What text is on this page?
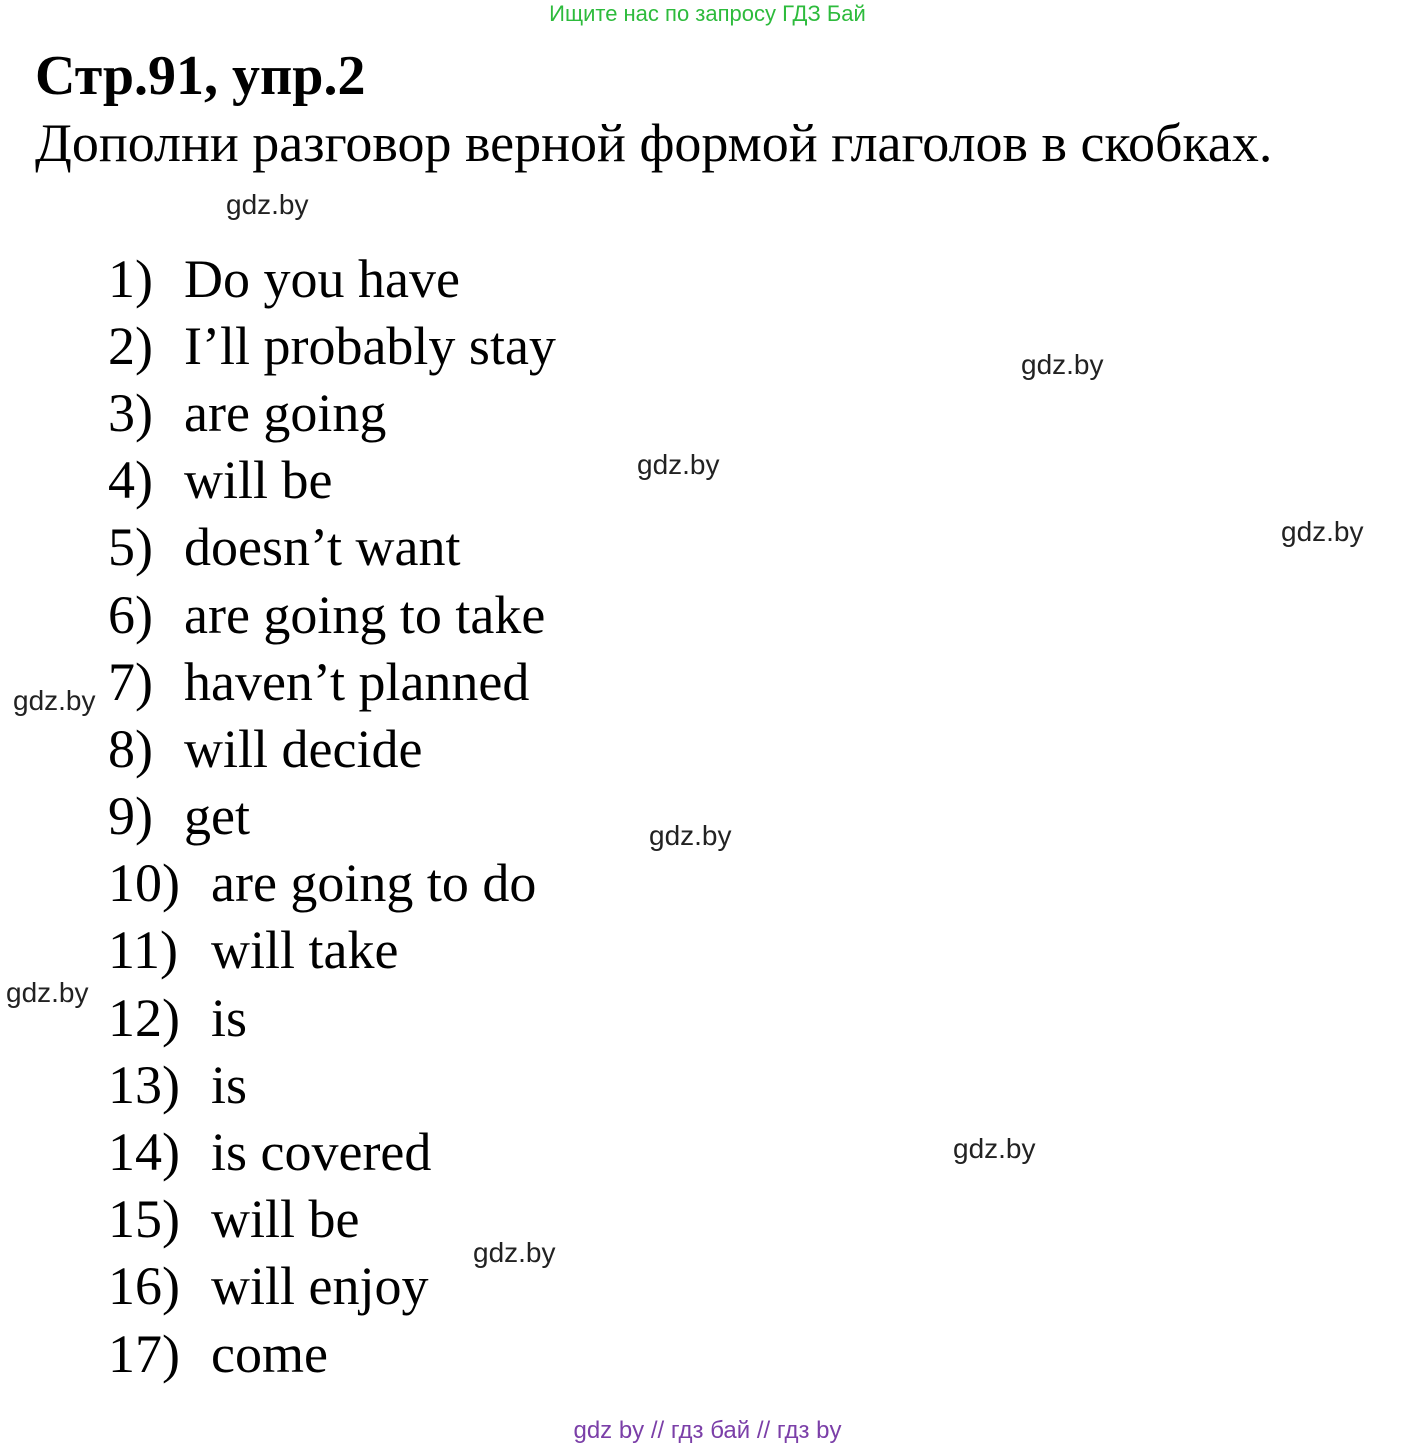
Ищите нас по запросу ГДЗ Бай
Стр.91, упр.2
Дополни разговор верной формой глаголов в скобках.
1) Do you have
2) I’ll probably stay
3) are going
4) will be
5) doesn’t want
6) are going to take
7) haven’t planned
8) will decide
9) get
10) are going to do
11) will take
12) is
13) is
14) is covered
15) will be
16) will enjoy
17) come
gdz.by
gdz.by
gdz.by
gdz.by
gdz.by
gdz.by
gdz.by
gdz.by
gdz.by
gdz by // гдз бай // гдз by
